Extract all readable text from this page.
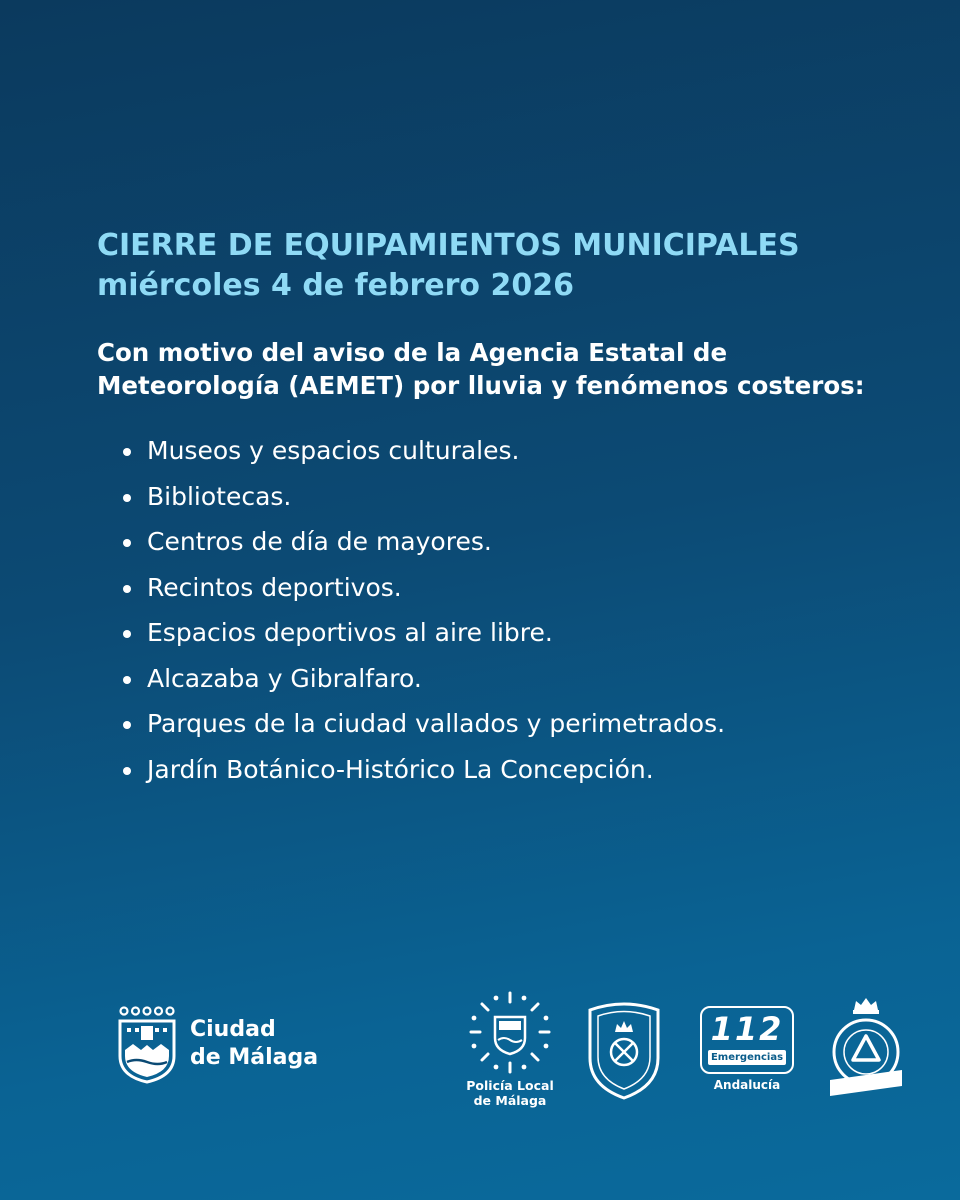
CIERRE DE EQUIPAMIENTOS MUNICIPALES
miércoles 4 de febrero 2026

Con motivo del aviso de la Agencia Estatal de
Meteorología (AEMET) por lluvia y fenómenos costeros:

Museos y espacios culturales.
Bibliotecas.
Centros de día de mayores.
Recintos deportivos.
Espacios deportivos al aire libre.
Alcazaba y Gibralfaro.
Parques de la ciudad vallados y perimetrados.
Jardín Botánico-Histórico La Concepción.
Ciudad
de Málaga
Policía Local
de Málaga
112
Emergencias
Andalucía
